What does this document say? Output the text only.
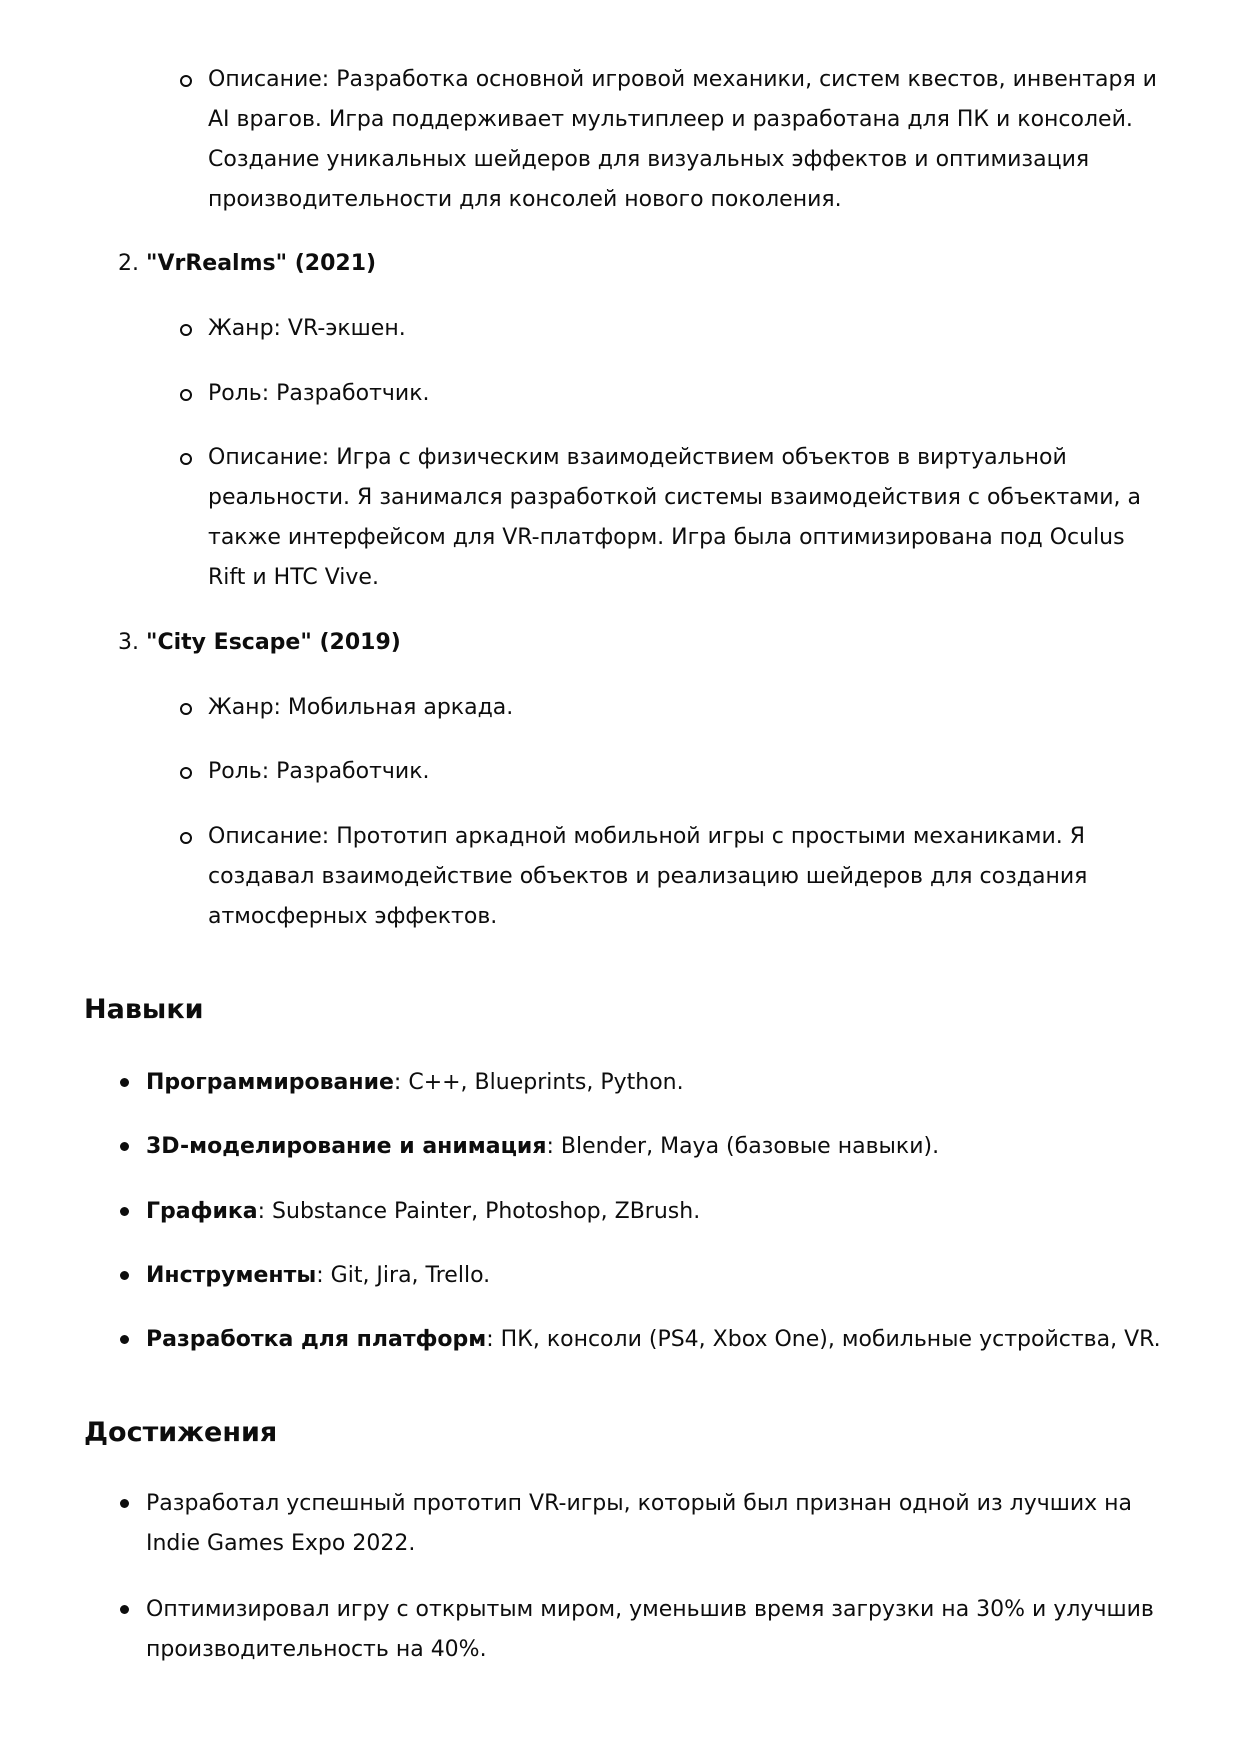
Описание: Разработка основной игровой механики, систем квестов, инвентаря и AI врагов. Игра поддерживает мультиплеер и разработана для ПК и консолей. Создание уникальных шейдеров для визуальных эффектов и оптимизация производительности для консолей нового поколения.

2. "VrRealms" (2021)

Жанр: VR-экшен.

Роль: Разработчик.

Описание: Игра с физическим взаимодействием объектов в виртуальной реальности. Я занимался разработкой системы взаимодействия с объектами, а также интерфейсом для VR-платформ. Игра была оптимизирована под Oculus Rift и HTC Vive.

3. "City Escape" (2019)

Жанр: Мобильная аркада.

Роль: Разработчик.

Описание: Прототип аркадной мобильной игры с простыми механиками. Я создавал взаимодействие объектов и реализацию шейдеров для создания атмосферных эффектов.

Навыки

Программирование: C++, Blueprints, Python.

3D-моделирование и анимация: Blender, Maya (базовые навыки).

Графика: Substance Painter, Photoshop, ZBrush.

Инструменты: Git, Jira, Trello.

Разработка для платформ: ПК, консоли (PS4, Xbox One), мобильные устройства, VR.

Достижения

Разработал успешный прототип VR-игры, который был признан одной из лучших на Indie Games Expo 2022.

Оптимизировал игру с открытым миром, уменьшив время загрузки на 30% и улучшив производительность на 40%.
